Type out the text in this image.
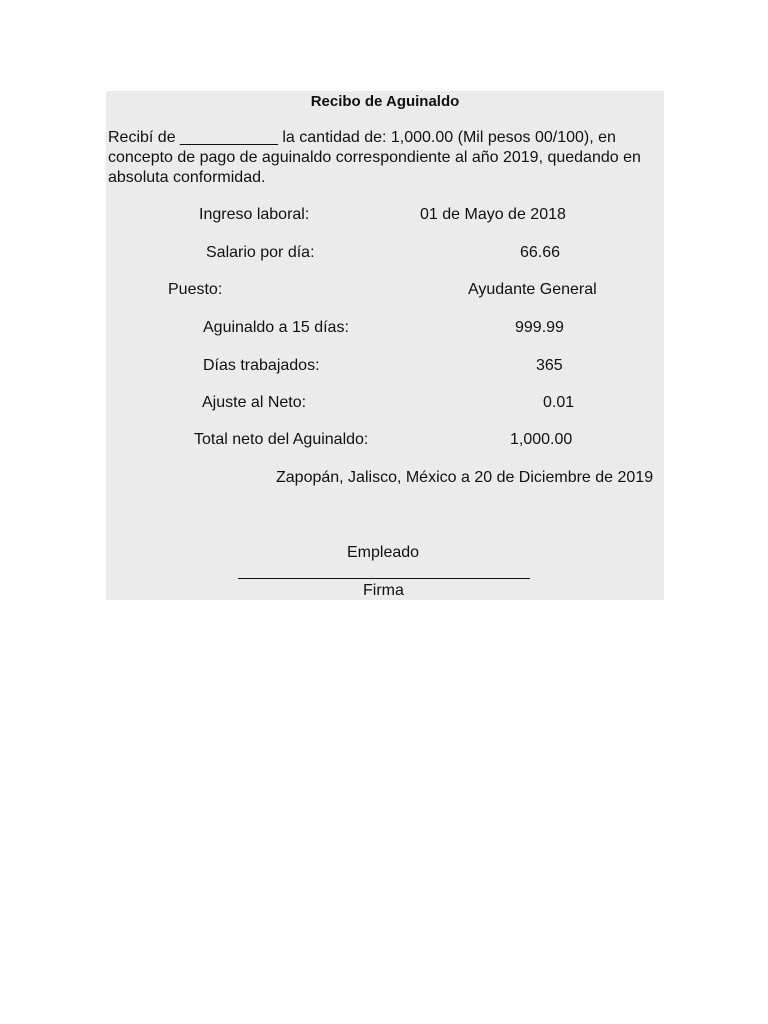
Recibo de Aguinaldo
Recibí de ___________ la cantidad de: 1,000.00 (Mil pesos 00/100), en
concepto de pago de aguinaldo correspondiente al año 2019, quedando en
absoluta conformidad.
Ingreso laboral:	01 de Mayo de 2018
Salario por día:	66.66
Puesto:	Ayudante General
Aguinaldo a 15 días:	999.99
Días trabajados:	365
Ajuste al Neto:	0.01
Total neto del Aguinaldo:	1,000.00
Zapopán, Jalisco, México a 20 de Diciembre de 2019
Empleado
Firma
